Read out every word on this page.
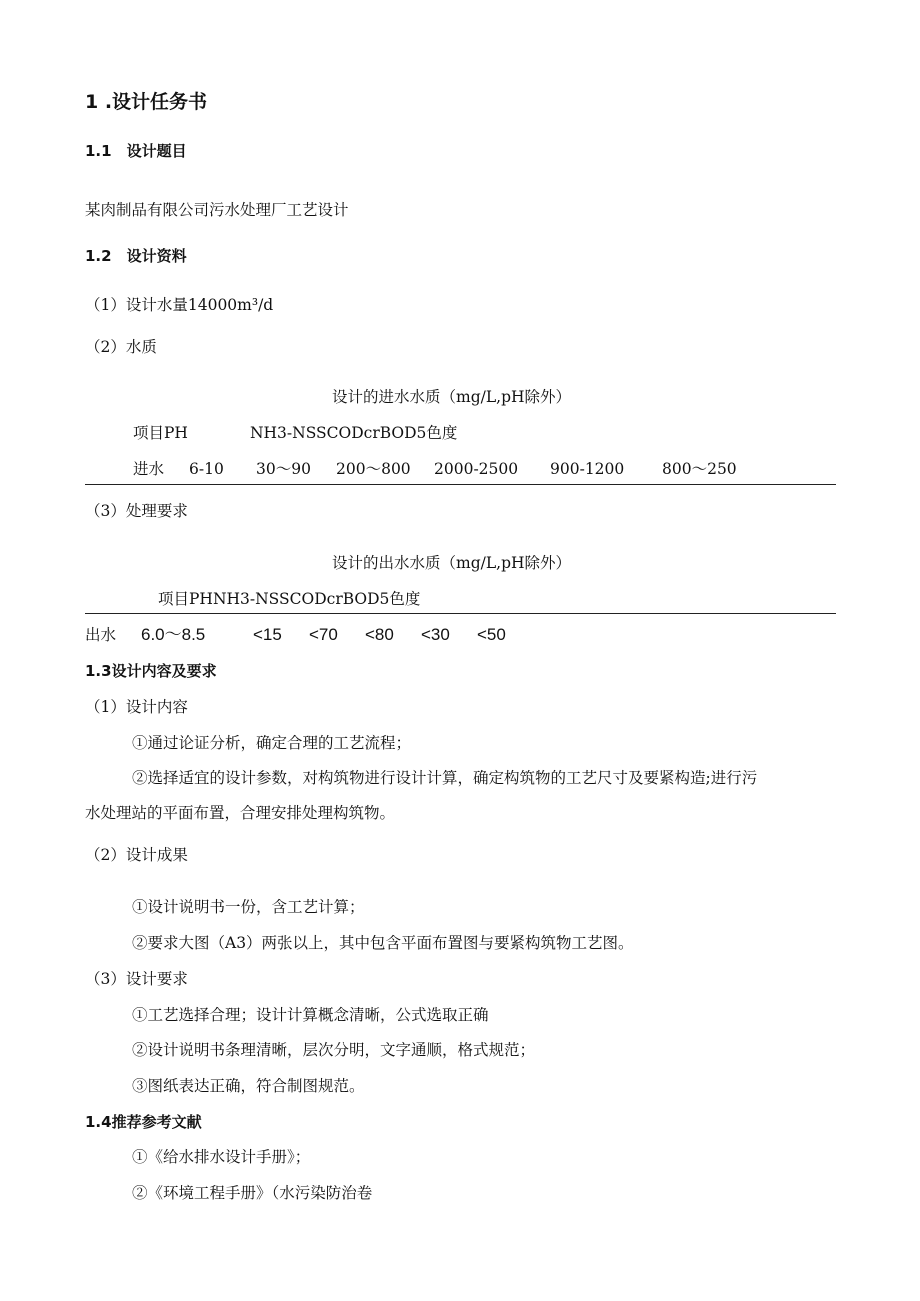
1 .设计任务书
1.1　设计题目
某肉制品有限公司污水处理厂工艺设计
1.2　设计资料
（1）设计水量14000m³/d
（2）水质
设计的进水水质（mg/L,pH除外）
项目PH　　　　NH3-NSSCODcrBOD5色度
进水 6-10 30～90 200～800 2000-2500 900-1200 800～250
（3）处理要求
设计的出水水质（mg/L,pH除外）
项目PHNH3-NSSCODcrBOD5色度
出水 6.0～8.5	<15 <70 <80 <30 <50
1.3设计内容及要求
（1）设计内容
①通过论证分析，确定合理的工艺流程；
②选择适宜的设计参数，对构筑物进行设计计算，确定构筑物的工艺尺寸及要紧构造;进行污
水处理站的平面布置，合理安排处理构筑物。
（2）设计成果
①设计说明书一份，含工艺计算；
②要求大图（A3）两张以上，其中包含平面布置图与要紧构筑物工艺图。
（3）设计要求
①工艺选择合理；设计计算概念清晰，公式选取正确
②设计说明书条理清晰，层次分明，文字通顺，格式规范；
③图纸表达正确，符合制图规范。
1.4推荐参考文献
①《给水排水设计手册》；
②《环境工程手册》（水污染防治卷
